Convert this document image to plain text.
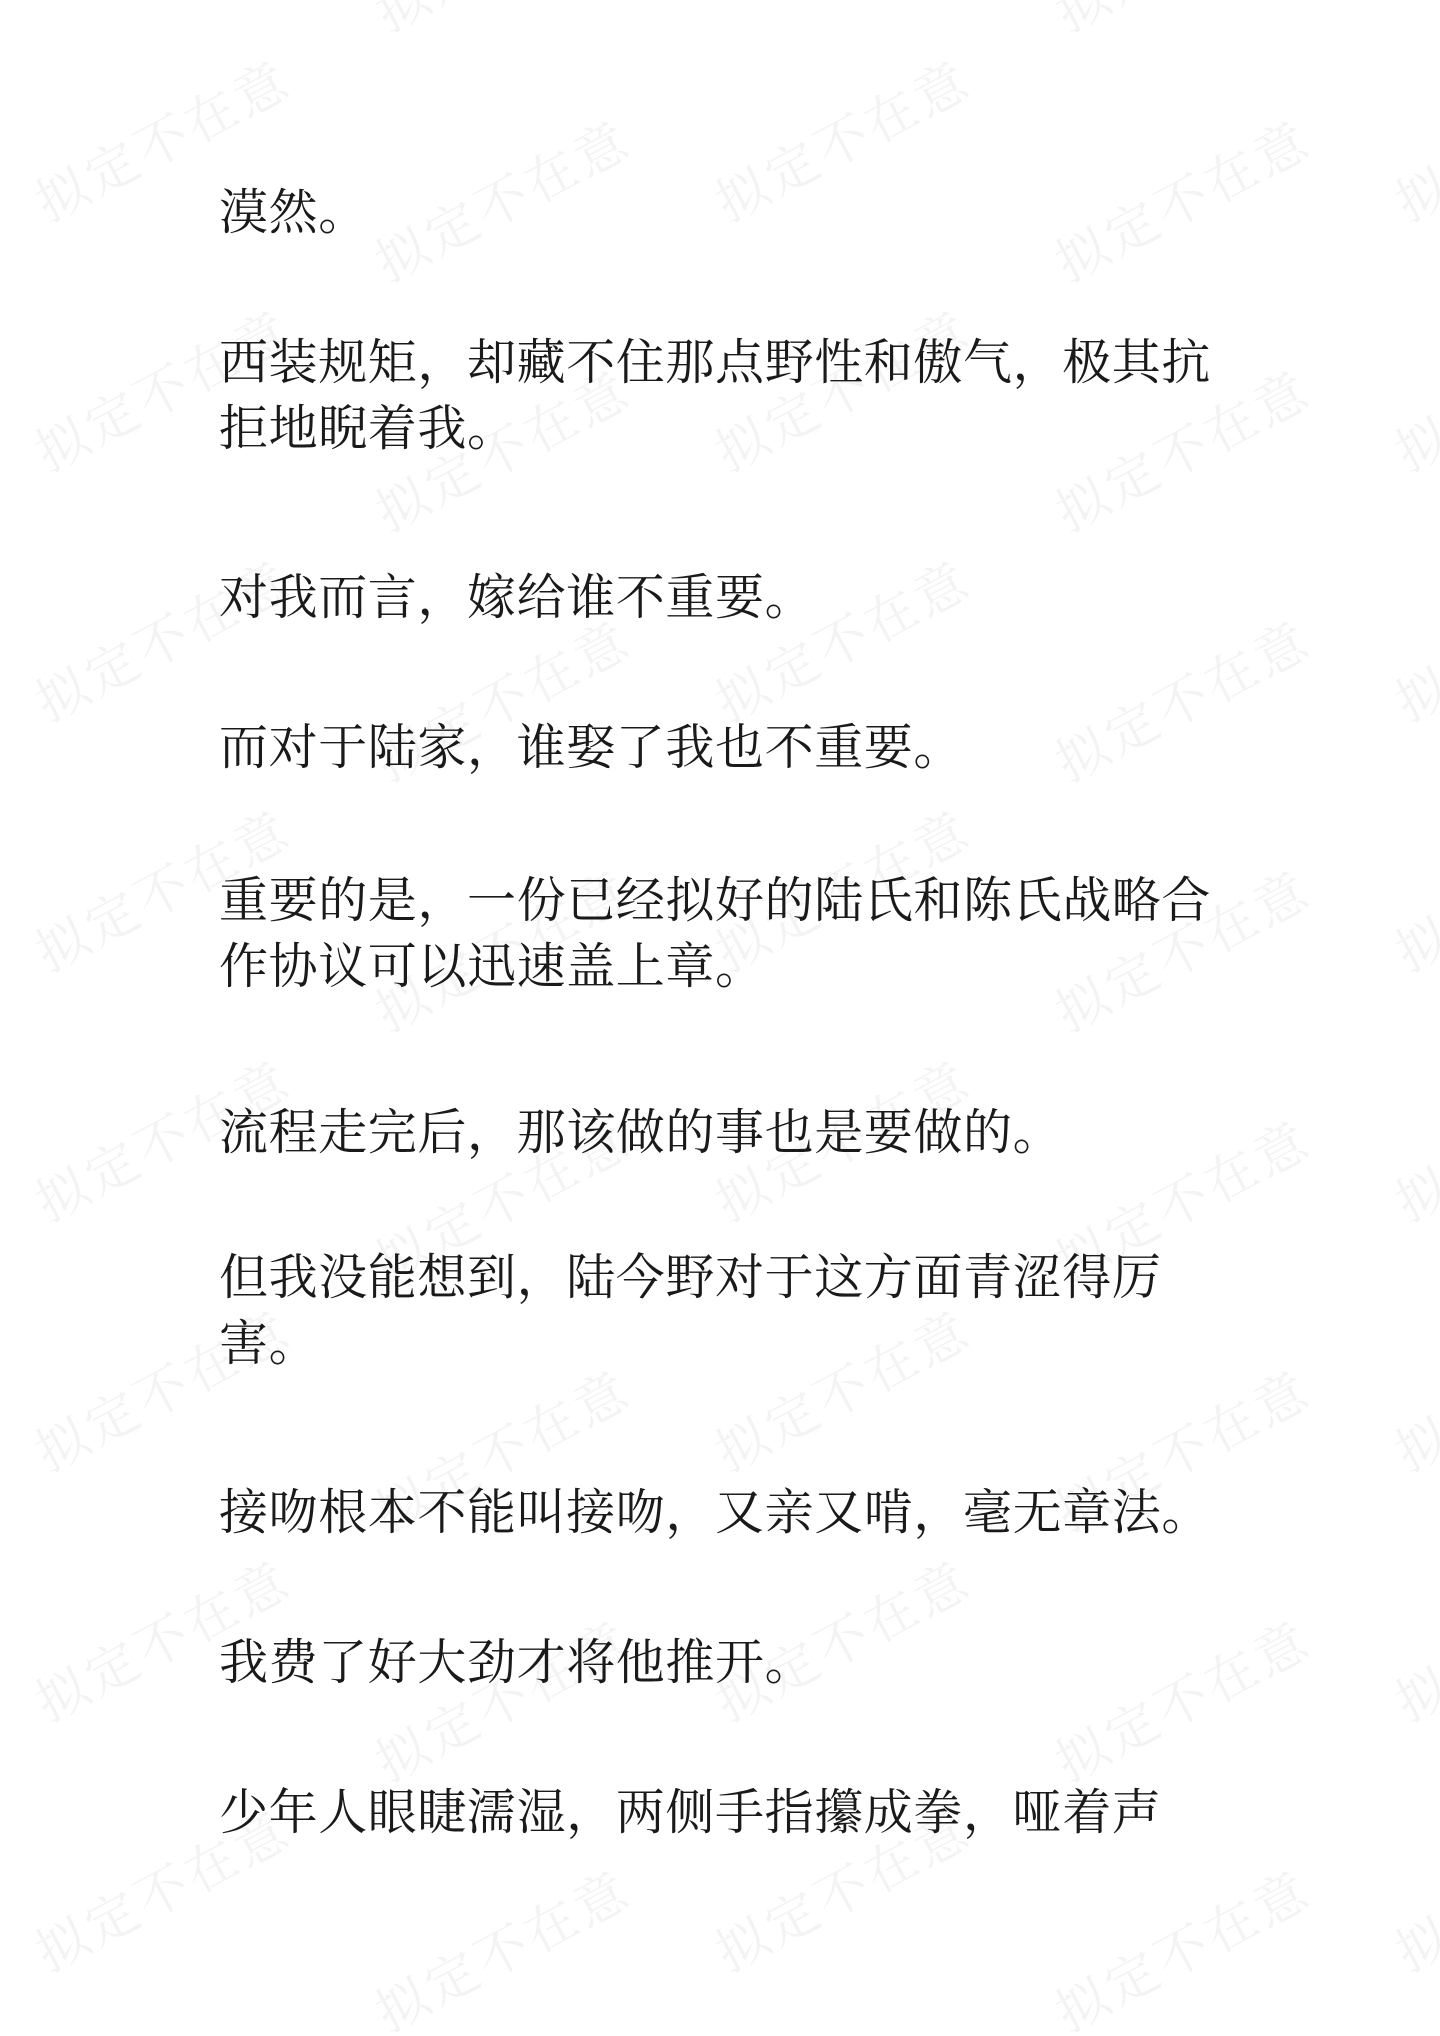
漠然。

西装规矩，却藏不住那点野性和傲气，极其抗拒地睨着我。

对我而言，嫁给谁不重要。

而对于陆家，谁娶了我也不重要。

重要的是，一份已经拟好的陆氏和陈氏战略合作协议可以迅速盖上章。

流程走完后，那该做的事也是要做的。

但我没能想到，陆今野对于这方面青涩得厉害。

接吻根本不能叫接吻，又亲又啃，毫无章法。

我费了好大劲才将他推开。

少年人眼睫濡湿，两侧手指攥成拳，哑着声
